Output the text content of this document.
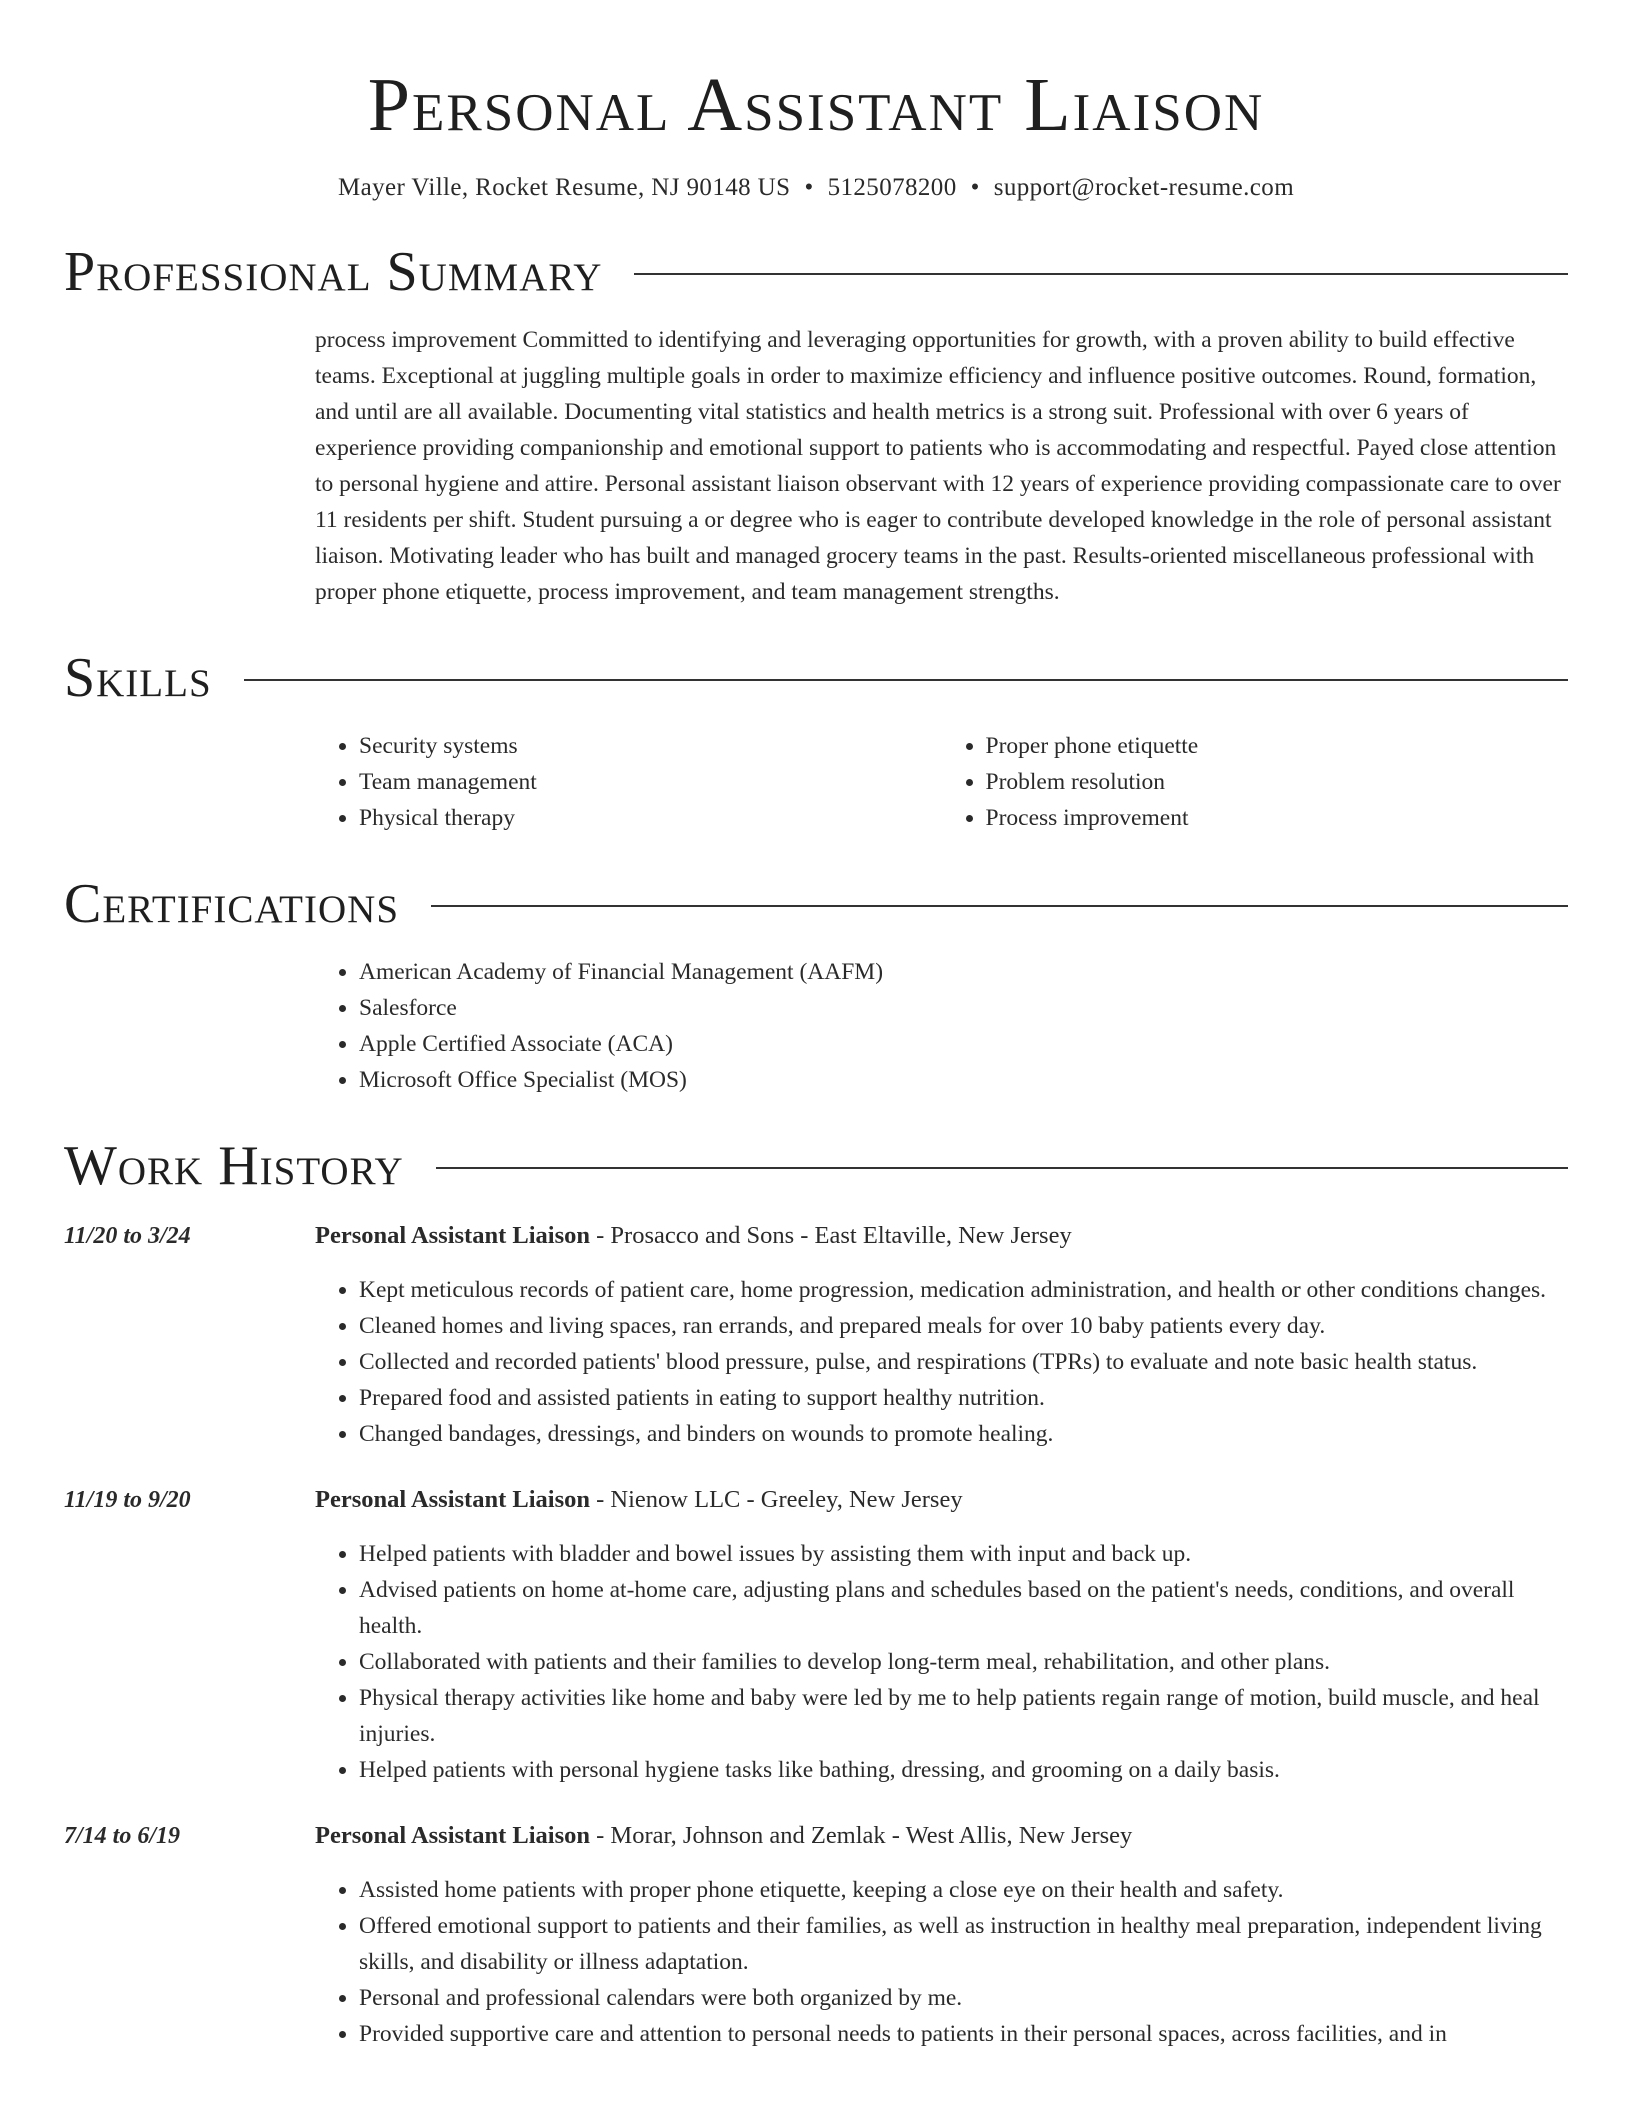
Personal Assistant Liaison
Mayer Ville, Rocket Resume, NJ 90148 US • 5125078200 • support@rocket-resume.com
Professional Summary

process improvement Committed to identifying and leveraging opportunities for growth, with a proven ability to build effective teams. Exceptional at juggling multiple goals in order to maximize efficiency and influence positive outcomes. Round, formation, and until are all available. Documenting vital statistics and health metrics is a strong suit. Professional with over 6 years of experience providing companionship and emotional support to patients who is accommodating and respectful. Payed close attention to personal hygiene and attire. Personal assistant liaison observant with 12 years of experience providing compassionate care to over 11 residents per shift. Student pursuing a or degree who is eager to contribute developed knowledge in the role of personal assistant liaison. Motivating leader who has built and managed grocery teams in the past. Results-oriented miscellaneous professional with proper phone etiquette, process improvement, and team management strengths.

Skills
• Security systems
• Team management
• Physical therapy
• Proper phone etiquette
• Problem resolution
• Process improvement
Certifications
• American Academy of Financial Management (AAFM)
• Salesforce
• Apple Certified Associate (ACA)
• Microsoft Office Specialist (MOS)
Work History
11/20 to 3/24	Personal Assistant Liaison - Prosacco and Sons - East Eltaville, New Jersey
• Kept meticulous records of patient care, home progression, medication administration, and health or other conditions changes.
• Cleaned homes and living spaces, ran errands, and prepared meals for over 10 baby patients every day.
• Collected and recorded patients' blood pressure, pulse, and respirations (TPRs) to evaluate and note basic health status.
• Prepared food and assisted patients in eating to support healthy nutrition.
• Changed bandages, dressings, and binders on wounds to promote healing.
11/19 to 9/20	Personal Assistant Liaison - Nienow LLC - Greeley, New Jersey
• Helped patients with bladder and bowel issues by assisting them with input and back up.
• Advised patients on home at-home care, adjusting plans and schedules based on the patient's needs, conditions, and overall health.
• Collaborated with patients and their families to develop long-term meal, rehabilitation, and other plans.
• Physical therapy activities like home and baby were led by me to help patients regain range of motion, build muscle, and heal injuries.
• Helped patients with personal hygiene tasks like bathing, dressing, and grooming on a daily basis.
7/14 to 6/19	Personal Assistant Liaison - Morar, Johnson and Zemlak - West Allis, New Jersey
• Assisted home patients with proper phone etiquette, keeping a close eye on their health and safety.
• Offered emotional support to patients and their families, as well as instruction in healthy meal preparation, independent living skills, and disability or illness adaptation.
• Personal and professional calendars were both organized by me.
• Provided supportive care and attention to personal needs to patients in their personal spaces, across facilities, and in
